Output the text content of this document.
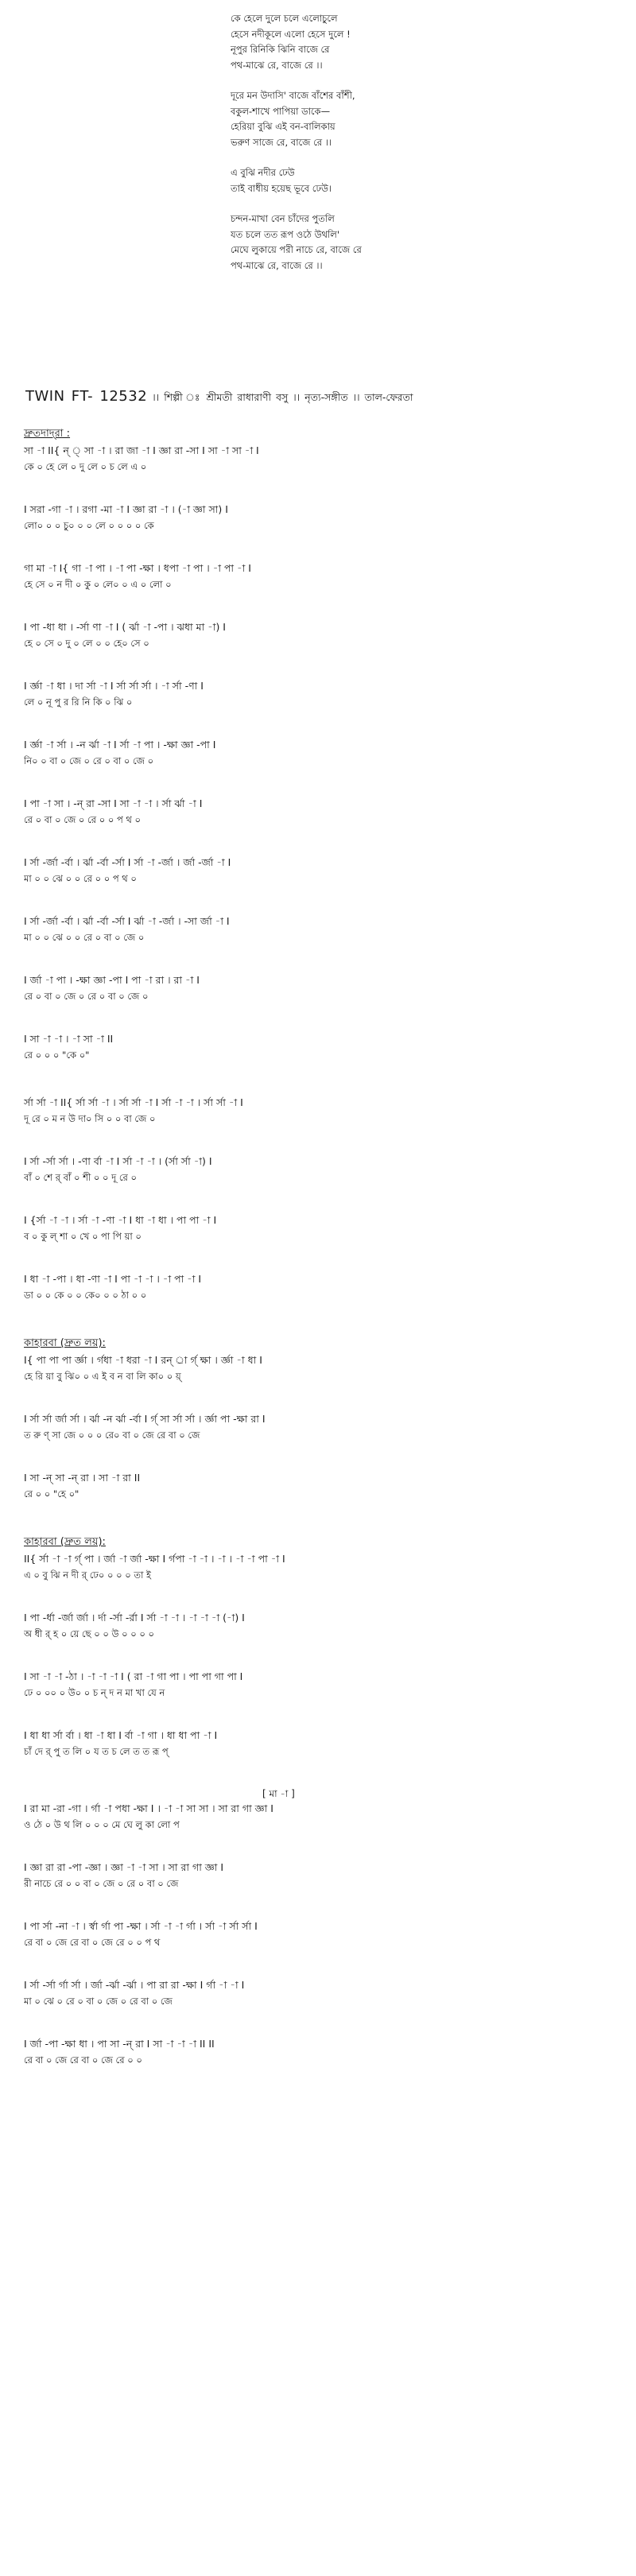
কে হেলে দুলে চলে এলোচুলে
হেসে নদীকূলে এলো হেসে দুলে !
নূপুর রিনিকি ঝিনি বাজে রে
পথ-মাঝে রে, বাজে রে ।।
দূরে মন উদাসি' বাজে বাঁশের বাঁশী,
বকুল-শাখে পাপিয়া ডাকে—
হেরিয়া বুঝি এই বন-বালিকায়
ভরুণ সাজে রে, বাজে রে ।।
এ বুঝি নদীর ঢেউ
তাই বাধীয় হয়েছ ভূবে ঢেউ।
চন্দন-মাখা বেন চাঁদের পুতলি
যত চলে তত রূপ ওঠে উথলি'
মেঘে লুকায়ে পরী নাচে রে, বাজে রে
পথ-মাঝে রে, বাজে রে ।।
TWIN FT- 12532 ।। শিল্পী ঃ শ্রীমতী রাধারাণী বসু ।। নৃত্য-সঙ্গীত ।। তাল-ফেরতা
দ্রুতদাদ্‌রা :
সা -া II{ ন্ ্ সা -া । রা জা -া I জ্ঞা রা -সা I সা -া সা -া I
কে ০ হে লে ০ দু লে ০ চ লে এ ০
I সরা -গা -া । রগা -মা -া I জ্ঞা রা -া । (-া জ্ঞা সা) I
লো০ ০ ০ চু০ ০ ০ লে ০ ০ ০ ০ কে
গা মা -া I{ গা -া পা । -া পা -ক্ষা । ধপা -া পা । -া পা -া I
হে সে ০ ন দী ০ কু ০ লে০ ০ এ ০ লো ০
I পা -ধা ধা । -র্সা ণা -া I ( র্ঝা -া -পা । ঝধা মা -া) I
হে ০ সে ০ দু ০ লে ০ ০ হে০ সে ০
I র্জ্ঞা -া ধা । দা র্সা -া I র্সা র্সা র্সা । -া র্সা -ণা I
লে ০ নূ পু র রি নি কি ০ ঝি ০
I র্জ্ঞা -া র্সা । -ন র্ঝা -া I র্সা -া পা । -ক্ষা জ্ঞা -পা I
নি০ ০ বা ০ জে ০ রে ০ বা ০ জে ০
I পা -া সা । -ন্ রা -সা I সা -া -া । র্সা র্ঝা -া I
রে ০ বা ০ জে ০ রে ০ ০ প থ ০
I র্সা -র্জা -র্বা । র্ঝা -র্বা -র্সা I র্সা -া -র্জা । র্জা -র্জা -া I
মা ০ ০ ঝে ০ ০ রে ০ ০ প থ ০
I র্সা -র্জা -র্বা । র্ঝা -র্বা -র্সা I র্ঝা -া -র্জা । -সা র্জা -া I
মা ০ ০ ঝে ০ ০ রে ০ বা ০ জে ০
I র্জা -া পা । -ক্ষা জ্ঞা -পা I পা -া রা । রা -া I
রে ০ বা ০ জে ০ রে ০ বা ০ জে ০
I সা -া -া । -া সা -া II
রে ০ ০ ০ "কে ০"
র্সা র্সা -া II{ র্সা র্সা -া । র্সা র্সা -া I র্সা -া -া । র্সা র্সা -া I
দূ রে ০ ম ন উ দা০ সি ০ ০ বা জে ০
I র্সা -র্সা র্সা । -ণা র্বা -া I র্সা -া -া । (র্সা র্সা -া) I
বাঁ ০ শে র্‌ বাঁ ০ শী ০ ০ দূ রে ০
I {র্সা -া -া । র্সা -া -ণা -া I ধা -া ধা । পা পা -া I
ব ০ কু ল্‌ শা ০ খে ০ পা পি য়া ০
I ধা -া -পা । ধা -ণা -া I পা -া -া । -া পা -া I
ডা ০ ০ কে ০ ০ কে০ ০ ০ ঠা ০ ০
কাহারবা (দ্রুত লয়):
I{ পা পা পা র্জ্ঞা । র্গধা -া ধরা -া I রন্‌ ্রা র্গ্‌ ক্ষা । র্জ্ঞা -া ধা I
হে রি য়া বু ঝি০ ০ এ ই ব ন বা লি কা০ ০ য়্‌
I র্সা র্সা র্জা র্সা । র্ঝা -ন র্ঝা -র্বা I র্গ্‌ সা র্সা র্সা । র্জ্ঞা পা -ক্ষা রা I
ত রু ণ্‌ সা জে ০ ০ ০ রে০ বা ০ জে রে বা ০ জে
I সা -ন্ সা -ন্ রা । সা -া রা II
রে ০ ০ "হে ০"
কাহারবা (দ্রুত লয়):
II{ র্সা -া -া র্গ্‌ পা । র্জা -া র্জা -ক্ষা I র্গপা -া -া । -া । -া -া পা -া I
এ ০ বু ঝি ন দী র্‌ ঢে০ ০ ০ ০ তা ই
I পা -র্ধা -র্জা র্জা । র্দা -র্সা -র্রা I র্সা -া -া । -া -া -া (-া) I
অ ধী র্‌ হ ০ য়ে ছে ০ ০ উ ০ ০ ০ ০
I সা -া -া -ঠা । -া -া -া I ( রা -া গা পা । পা পা গা পা I
ঢে ০ ০০ ০ উ০ ০ চ ন্‌ দ ন মা খা যে ন
I ধা ধা র্সা র্বা । ধা -া ধা I র্বা -া গা । ধা ধা পা -া I
চাঁ দে র্‌ পু ত লি ০ য ত চ লে ত ত রূ প্‌
[ মা -া ]
I রা মা -রা -গা । র্গা -া পধা -ক্ষা I । -া -া সা সা । সা রা গা জ্ঞা I
ও ঠে ০ উ থ লি ০ ০ ০ মে ঘে লু কা লো প
I জ্ঞা রা রা -পা -জ্ঞা । জ্ঞা -া -া সা । সা রা গা জ্ঞা I
রী নাচে রে ০ ০ বা ০ জে ০ রে ০ বা ০ জে
I পা র্সা -না -া । র্স্বা র্গা পা -ক্ষা । র্সা -া -া র্গা । র্সা -া র্সা র্সা I
রে বা ০ জে রে বা ০ জে রে ০ ০ প থ
I র্সা -র্সা র্গা র্সা । র্জা -র্ঝা -র্ঝা । পা রা রা -ক্ষা I র্গা -া -া I
মা ০ ঝে ০ রে ০ বা ০ জে ০ রে বা ০ জে
I র্জা -পা -ক্ষা ধা । পা সা -ন্ রা I সা -া -া -া II II
রে বা ০ জে রে বা ০ জে রে ০ ০
